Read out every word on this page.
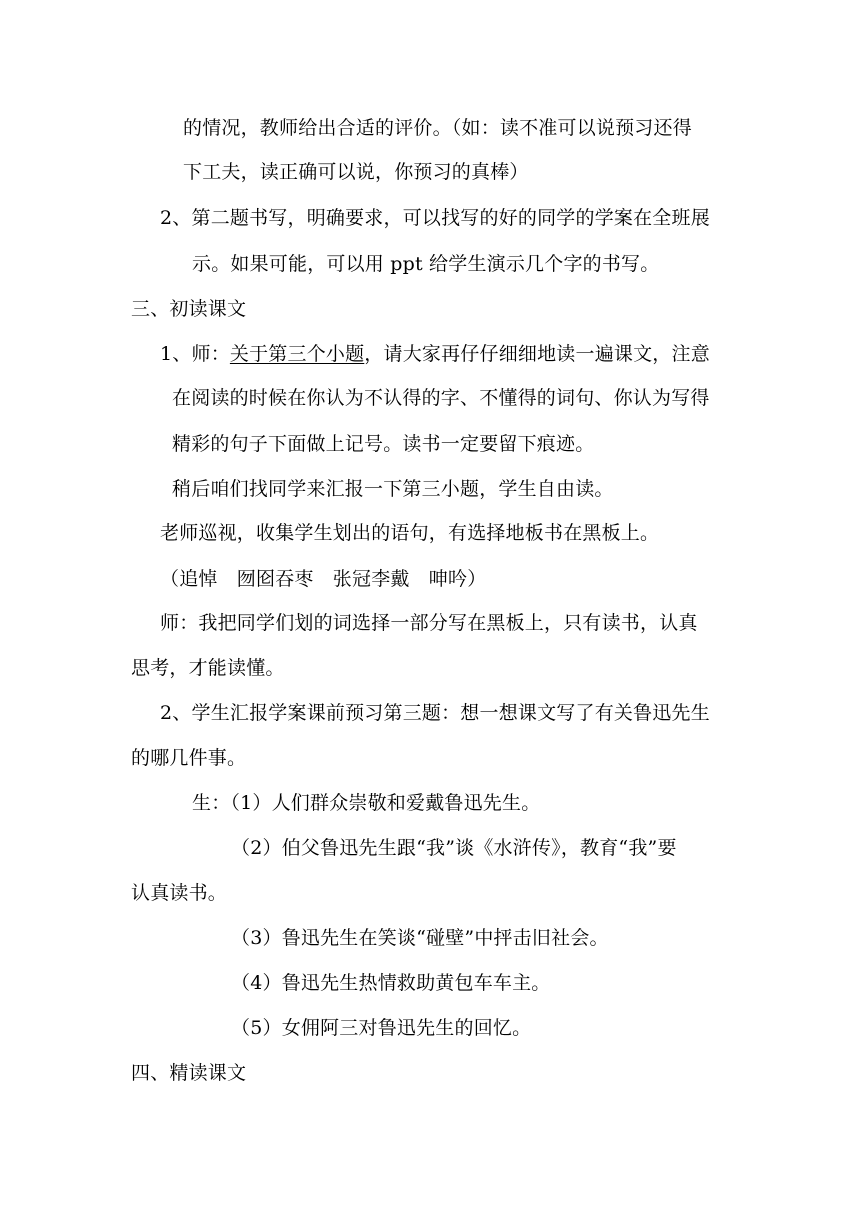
的情况，教师给出合适的评价。（如：读不准可以说预习还得
下工夫，读正确可以说，你预习的真棒）
2、第二题书写，明确要求，可以找写的好的同学的学案在全班展
示。如果可能，可以用 ppt 给学生演示几个字的书写。
三、初读课文
1、师：关于第三个小题，请大家再仔仔细细地读一遍课文，注意
在阅读的时候在你认为不认得的字、不懂得的词句、你认为写得
精彩的句子下面做上记号。读书一定要留下痕迹。
稍后咱们找同学来汇报一下第三小题，学生自由读。
老师巡视，收集学生划出的语句，有选择地板书在黑板上。
（追悼　囫囵吞枣　张冠李戴　呻吟）
师：我把同学们划的词选择一部分写在黑板上，只有读书，认真
思考，才能读懂。
2、学生汇报学案课前预习第三题：想一想课文写了有关鲁迅先生
的哪几件事。
生：（1）人们群众崇敬和爱戴鲁迅先生。
（2）伯父鲁迅先生跟“我”谈《水浒传》，教育“我”要
认真读书。
（3）鲁迅先生在笑谈“碰壁”中抨击旧社会。
（4）鲁迅先生热情救助黄包车车主。
（5）女佣阿三对鲁迅先生的回忆。
四、精读课文
